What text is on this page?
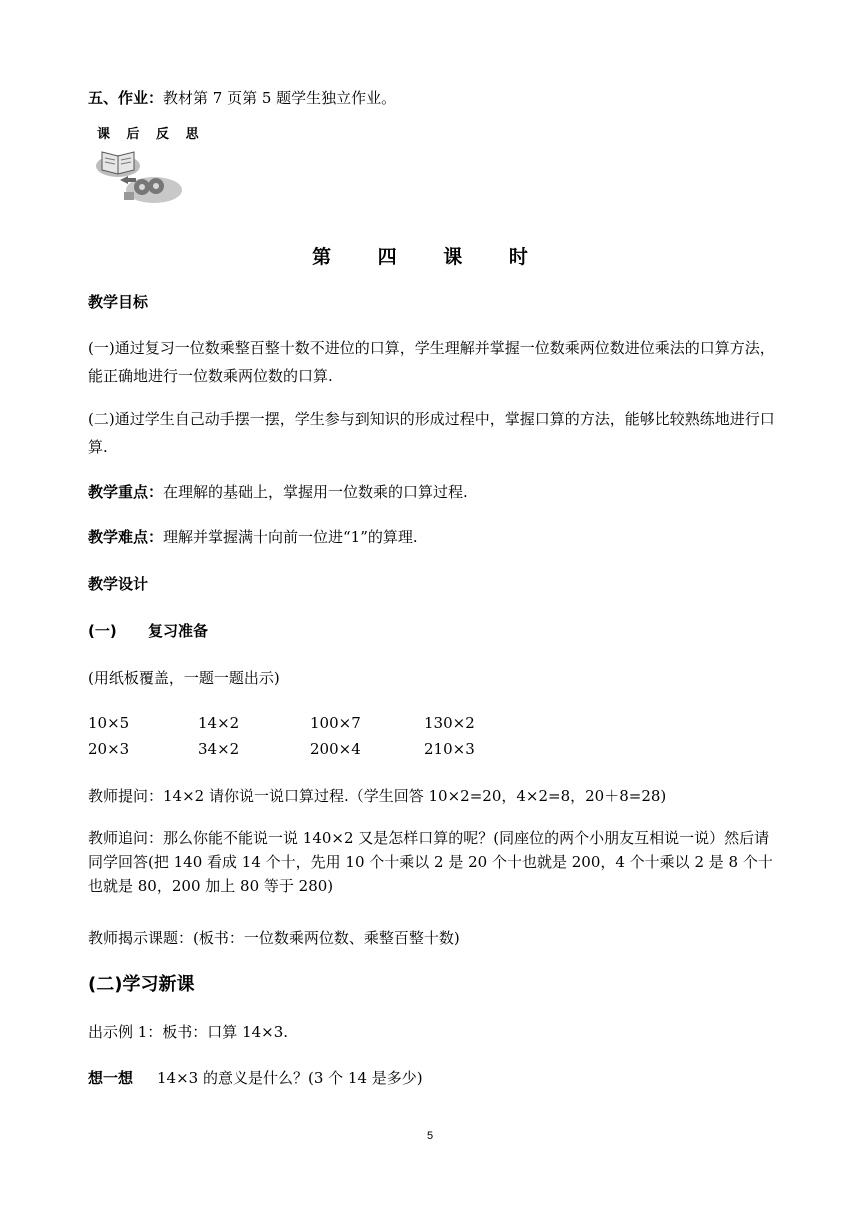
五、作业：教材第 7 页第 5 题学生独立作业。
课 后 反 思
第 四 课 时
教学目标
(一)通过复习一位数乘整百整十数不进位的口算，学生理解并掌握一位数乘两位数进位乘法的口算方法，能正确地进行一位数乘两位数的口算.
(二)通过学生自己动手摆一摆，学生参与到知识的形成过程中，掌握口算的方法，能够比较熟练地进行口算.
教学重点：在理解的基础上，掌握用一位数乘的口算过程.
教学难点：理解并掌握满十向前一位进“1”的算理.
教学设计
(一) 复习准备
(用纸板覆盖，一题一题出示)
10×5	14×2	100×7	130×2
20×3	34×2	200×4	210×3
教师提问：14×2 请你说一说口算过程.（学生回答 10×2=20，4×2=8，20＋8=28)
教师追问：那么你能不能说一说 140×2 又是怎样口算的呢？(同座位的两个小朋友互相说一说）然后请同学回答(把 140 看成 14 个十，先用 10 个十乘以 2 是 20 个十也就是 200，4 个十乘以 2 是 8 个十也就是 80，200 加上 80 等于 280)
教师揭示课题：(板书：一位数乘两位数、乘整百整十数)
(二)学习新课
出示例 1：板书：口算 14×3.
想一想 14×3 的意义是什么？(3 个 14 是多少)
5
